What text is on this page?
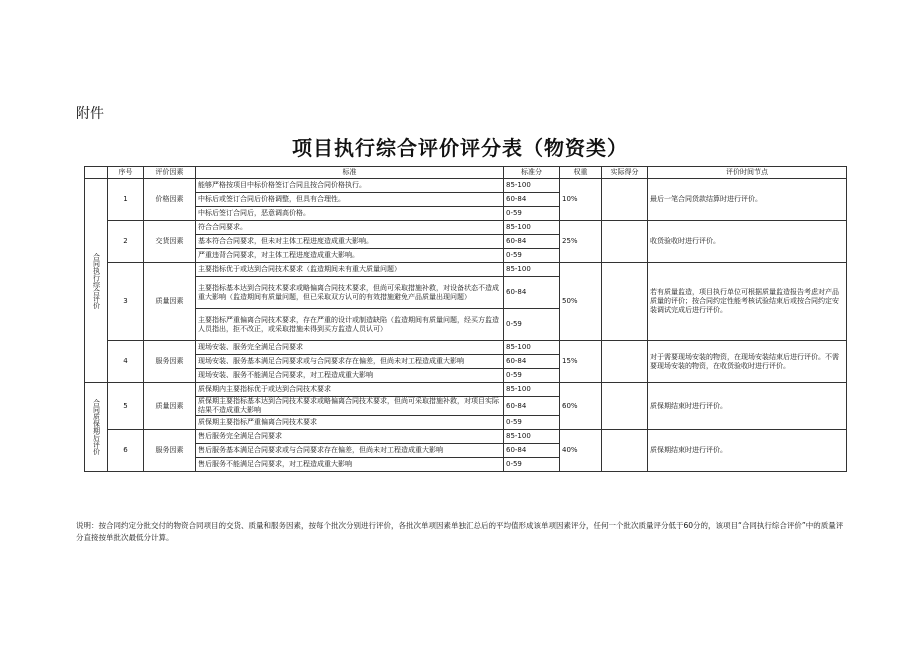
附件
项目执行综合评价评分表（物资类）
	序号	评价因素	标准	标准分	权重	实际得分	评价时间节点

合同执行综合评价	1	价格因素	能够严格按项目中标价格签订合同且按合同价格执行。	85-100	10%		最后一笔合同货款结算时进行评价。
			中标后或签订合同后价格调整，但具有合理性。	60-84			
			中标后签订合同后，恶意调高价格。	0-59			
	2	交货因素	符合合同要求。	85-100	25%		收货验收时进行评价。
			基本符合合同要求，但未对主体工程进度造成重大影响。	60-84			
			严重违背合同要求，对主体工程进度造成重大影响。	0-59			
	3	质量因素	主要指标优于或达到合同技术要求（监造期间未有重大质量问题）	85-100	50%		若有质量监造，项目执行单位可根据质量监造报告考虑对产品质量的评价；按合同约定性能考核试验结束后或按合同约定安装调试完成后进行评价。
			主要指标基本达到合同技术要求或略偏离合同技术要求，但尚可采取措施补救，对设备状态不造成重大影响（监造期间有质量问题，但已采取双方认可的有效措施避免产品质量出现问题）	60-84			
			主要指标严重偏离合同技术要求，存在严重的设计或制造缺陷（监造期间有质量问题，经买方监造人员指出，拒不改正，或采取措施未得到买方监造人员认可）	0-59			
	4	服务因素	现场安装、服务完全满足合同要求	85-100	15%		对于需要现场安装的物资，在现场安装结束后进行评价。不需要现场安装的物资，在收货验收时进行评价。
			现场安装、服务基本满足合同要求或与合同要求存在偏差，但尚未对工程造成重大影响	60-84			
			现场安装、服务不能满足合同要求，对工程造成重大影响	0-59			

合同质保期后评价	5	质量因素	质保期内主要指标优于或达到合同技术要求	85-100	60%		质保期结束时进行评价。
			质保期主要指标基本达到合同技术要求或略偏离合同技术要求，但尚可采取措施补救，对项目实际结果不造成重大影响	60-84			
			质保期主要指标严重偏离合同技术要求	0-59			
	6	服务因素	售后服务完全满足合同要求	85-100	40%		质保期结束时进行评价。
			售后服务基本满足合同要求或与合同要求存在偏差，但尚未对工程造成重大影响	60-84			
			售后服务不能满足合同要求，对工程造成重大影响	0-59			
说明：按合同约定分批交付的物资合同项目的交货、质量和服务因素，按每个批次分别进行评价，各批次单项因素单独汇总后的平均值形成该单项因素评分，任何一个批次质量评分低于60分的，该项目“合同执行综合评价”中的质量评分直接按单批次最低分计算。
